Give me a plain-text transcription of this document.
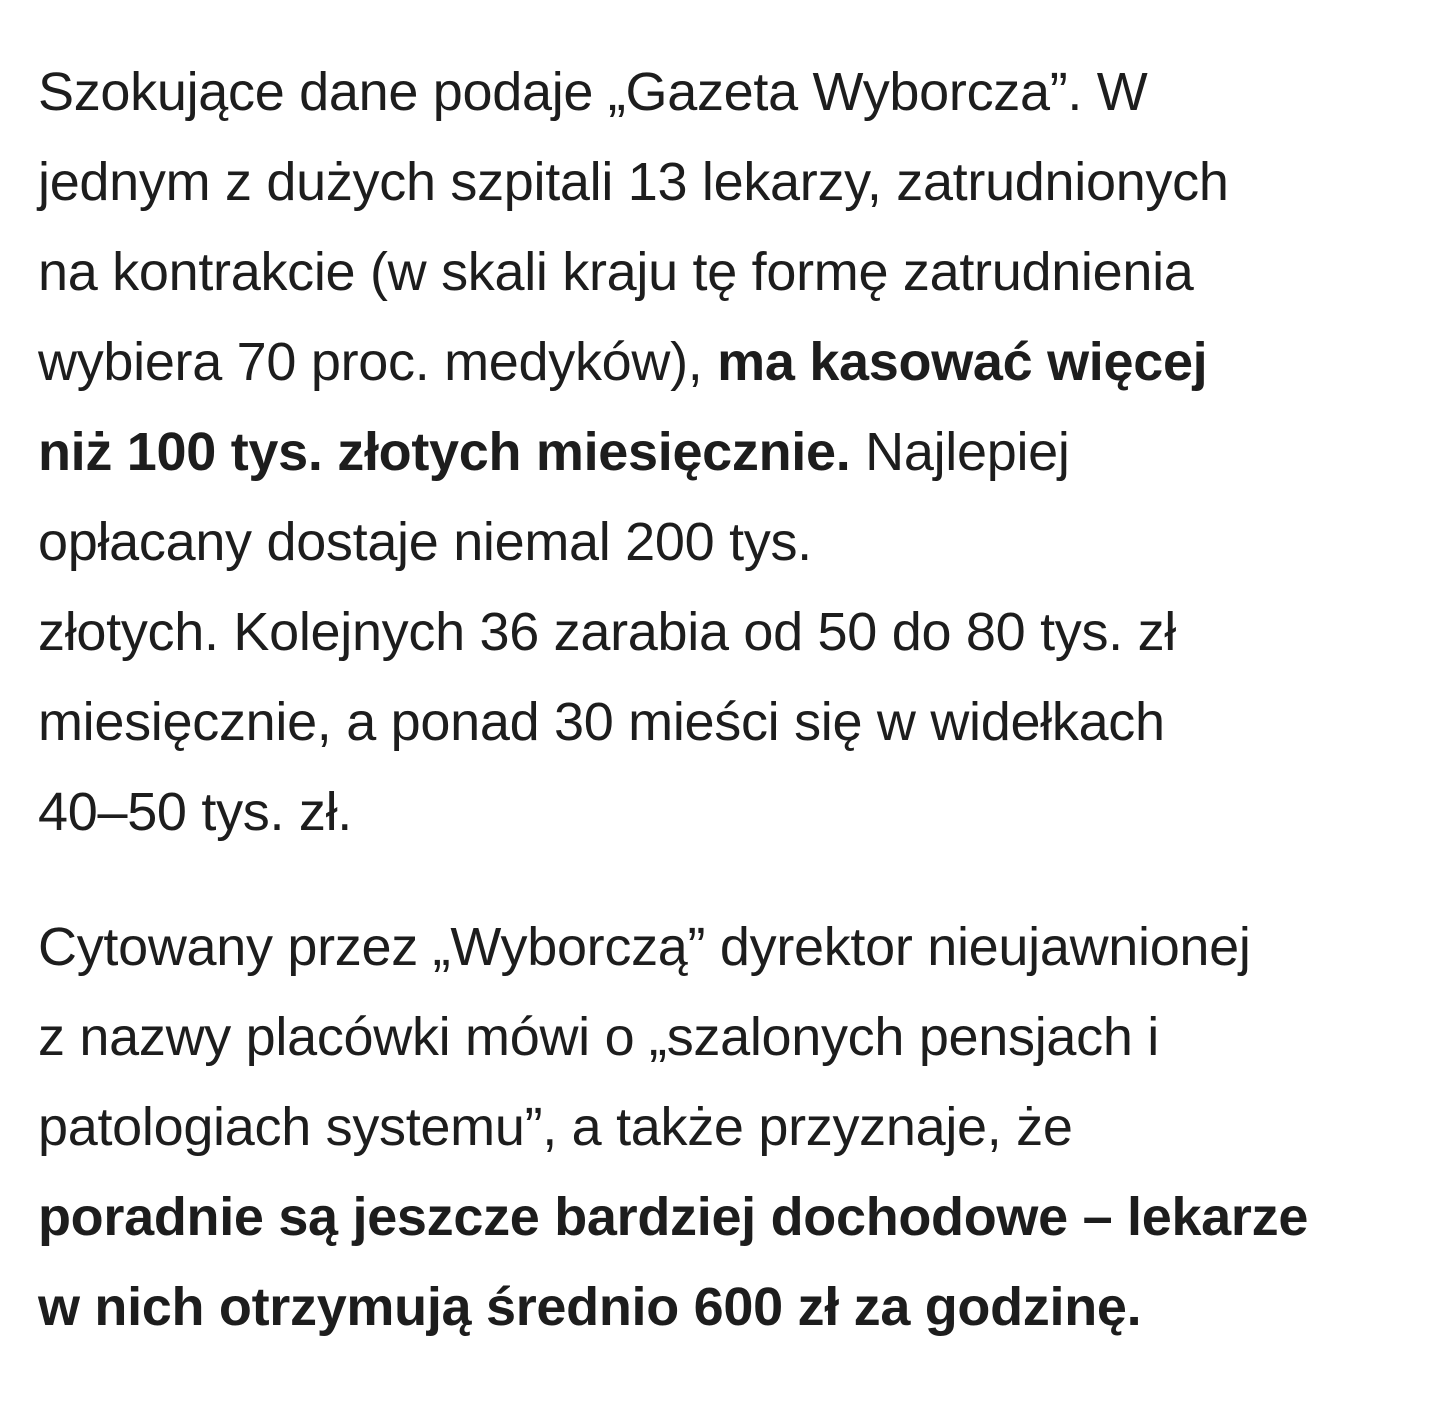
Szokujące dane podaje „Gazeta Wyborcza”. W
jednym z dużych szpitali 13 lekarzy, zatrudnionych
na kontrakcie (w skali kraju tę formę zatrudnienia
wybiera 70 proc. medyków), ma kasować więcej
niż 100 tys. złotych miesięcznie. Najlepiej
opłacany dostaje niemal 200 tys.
złotych. Kolejnych 36 zarabia od 50 do 80 tys. zł
miesięcznie, a ponad 30 mieści się w widełkach
40–50 tys. zł.

Cytowany przez „Wyborczą” dyrektor nieujawnionej
z nazwy placówki mówi o „szalonych pensjach i
patologiach systemu”, a także przyznaje, że
poradnie są jeszcze bardziej dochodowe – lekarze
w nich otrzymują średnio 600 zł za godzinę.
